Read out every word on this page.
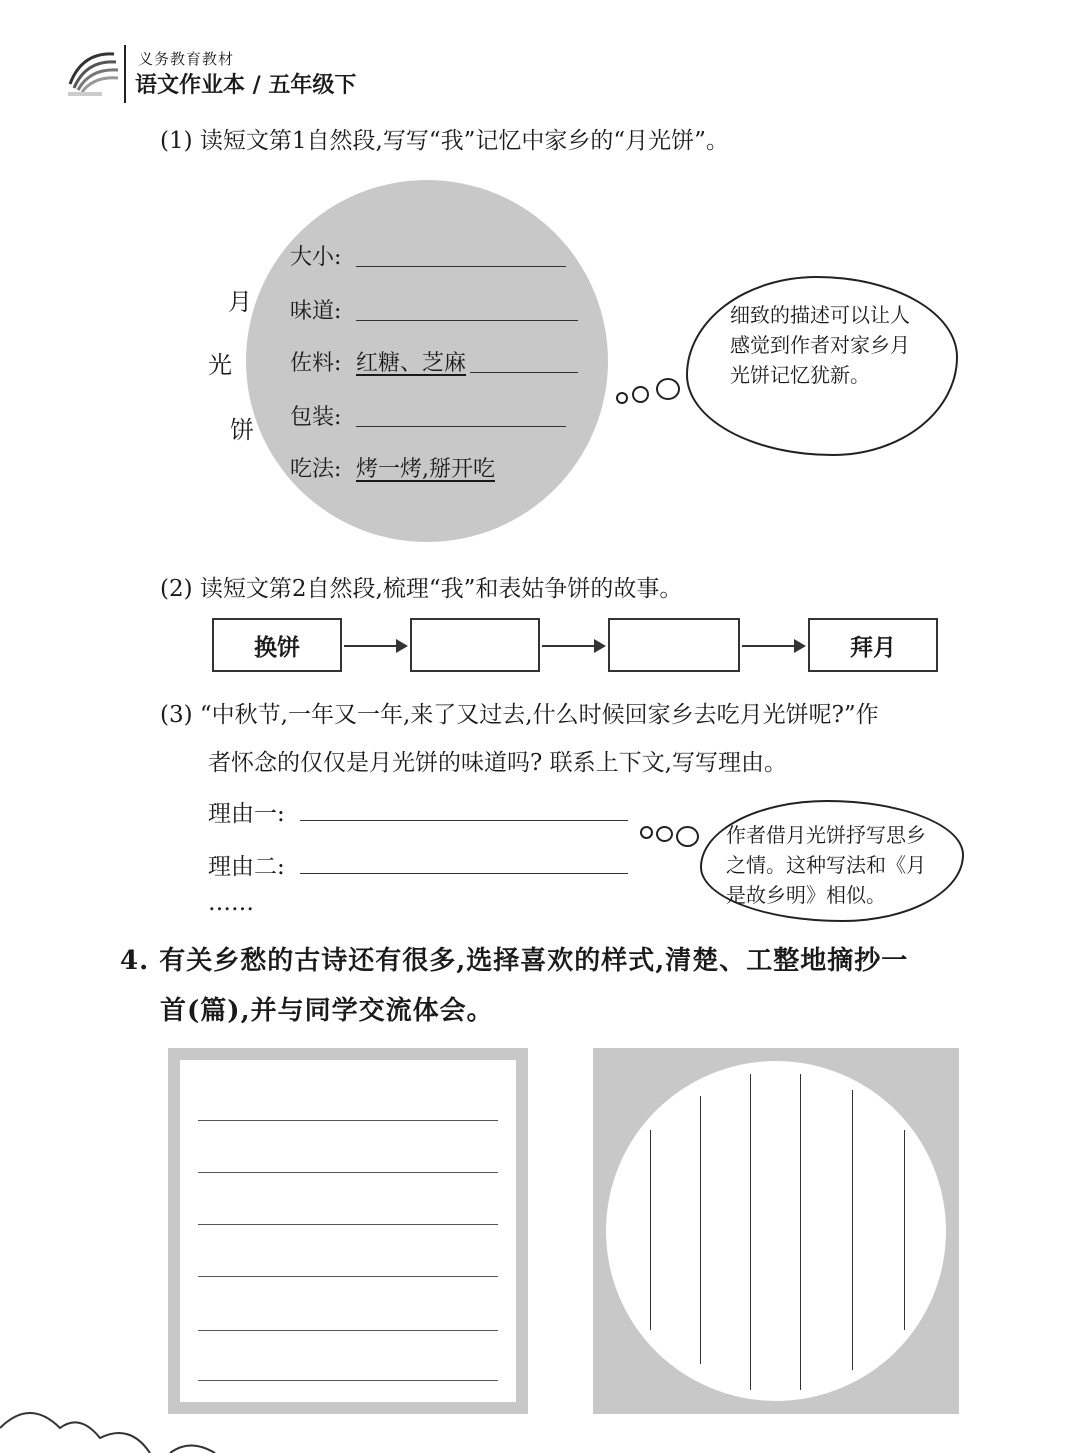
义务教育教材
语文作业本 / 五年级下
(1) 读短文第1自然段,写写“我”记忆中家乡的“月光饼”。
月
光
饼
大小:
味道:
佐料: 红糖、芝麻
包装:
吃法: 烤一烤,掰开吃
细致的描述可以让人感觉到作者对家乡月光饼记忆犹新。
(2) 读短文第2自然段,梳理“我”和表姑争饼的故事。
换饼	拜月
(3) “中秋节,一年又一年,来了又过去,什么时候回家乡去吃月光饼呢?”作
者怀念的仅仅是月光饼的味道吗? 联系上下文,写写理由。
理由一:
理由二:
……
作者借月光饼抒写思乡之情。这种写法和《月是故乡明》相似。
4. 有关乡愁的古诗还有很多,选择喜欢的样式,清楚、工整地摘抄一
首(篇),并与同学交流体会。
